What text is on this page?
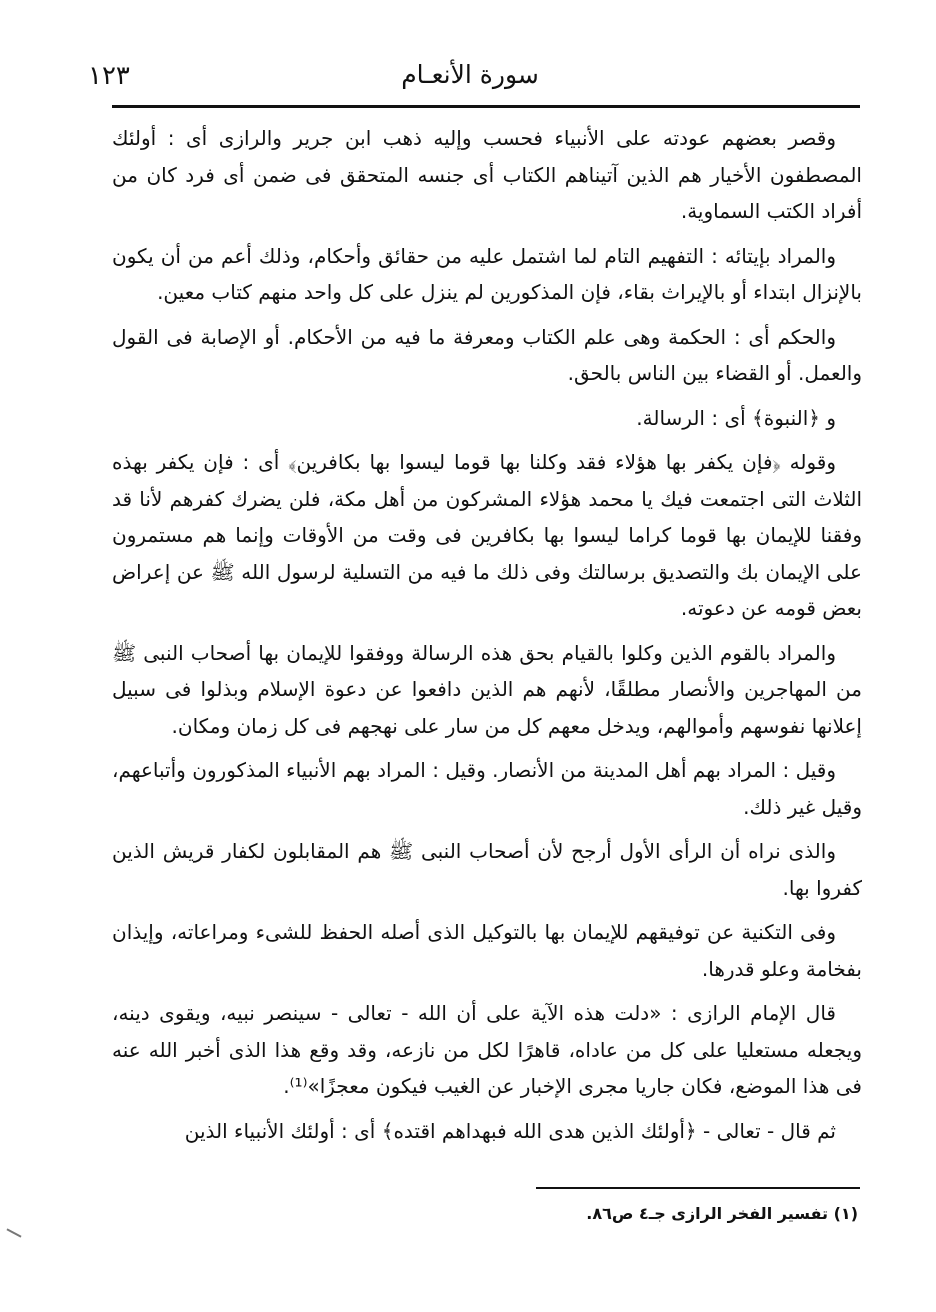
١٢٣	سورة الأنعـام

وقصر بعضهم عودته على الأنبياء فحسب وإليه ذهب ابن جرير والرازى أى : أولئك المصطفون الأخيار هم الذين آتيناهم الكتاب أى جنسه المتحقق فى ضمن أى فرد كان من أفراد الكتب السماوية.

والمراد بإيتائه : التفهيم التام لما اشتمل عليه من حقائق وأحكام، وذلك أعم من أن يكون بالإنزال ابتداء أو بالإيراث بقاء، فإن المذكورين لم ينزل على كل واحد منهم كتاب معين.

والحكم أى : الحكمة وهى علم الكتاب ومعرفة ما فيه من الأحكام. أو الإصابة فى القول والعمل. أو القضاء بين الناس بالحق.

و ﴿النبوة﴾ أى : الرسالة.

وقوله ﴿فإن يكفر بها هؤلاء فقد وكلنا بها قوما ليسوا بها بكافرين﴾ أى : فإن يكفر بهذه الثلاث التى اجتمعت فيك يا محمد هؤلاء المشركون من أهل مكة، فلن يضرك كفرهم لأنا قد وفقنا للإيمان بها قوما كراما ليسوا بها بكافرين فى وقت من الأوقات وإنما هم مستمرون على الإيمان بك والتصديق برسالتك وفى ذلك ما فيه من التسلية لرسول الله ﷺ عن إعراض بعض قومه عن دعوته.

والمراد بالقوم الذين وكلوا بالقيام بحق هذه الرسالة ووفقوا للإيمان بها أصحاب النبى ﷺ من المهاجرين والأنصار مطلقًا، لأنهم هم الذين دافعوا عن دعوة الإسلام وبذلوا فى سبيل إعلانها نفوسهم وأموالهم، ويدخل معهم كل من سار على نهجهم فى كل زمان ومكان.

وقيل : المراد بهم أهل المدينة من الأنصار. وقيل : المراد بهم الأنبياء المذكورون وأتباعهم، وقيل غير ذلك.

والذى نراه أن الرأى الأول أرجح لأن أصحاب النبى ﷺ هم المقابلون لكفار قريش الذين كفروا بها.

وفى التكنية عن توفيقهم للإيمان بها بالتوكيل الذى أصله الحفظ للشىء ومراعاته، وإيذان بفخامة وعلو قدرها.

قال الإمام الرازى : «دلت هذه الآية على أن الله - تعالى - سينصر نبيه، ويقوى دينه، ويجعله مستعليا على كل من عاداه، قاهرًا لكل من نازعه، وقد وقع هذا الذى أخبر الله عنه فى هذا الموضع، فكان جاريا مجرى الإخبار عن الغيب فيكون معجزًا»⁽¹⁾.

ثم قال - تعالى - ﴿أولئك الذين هدى الله فبهداهم اقتده﴾ أى : أولئك الأنبياء الذين

(١) تفسير الفخر الرازى جـ٤ ص٨٦.
